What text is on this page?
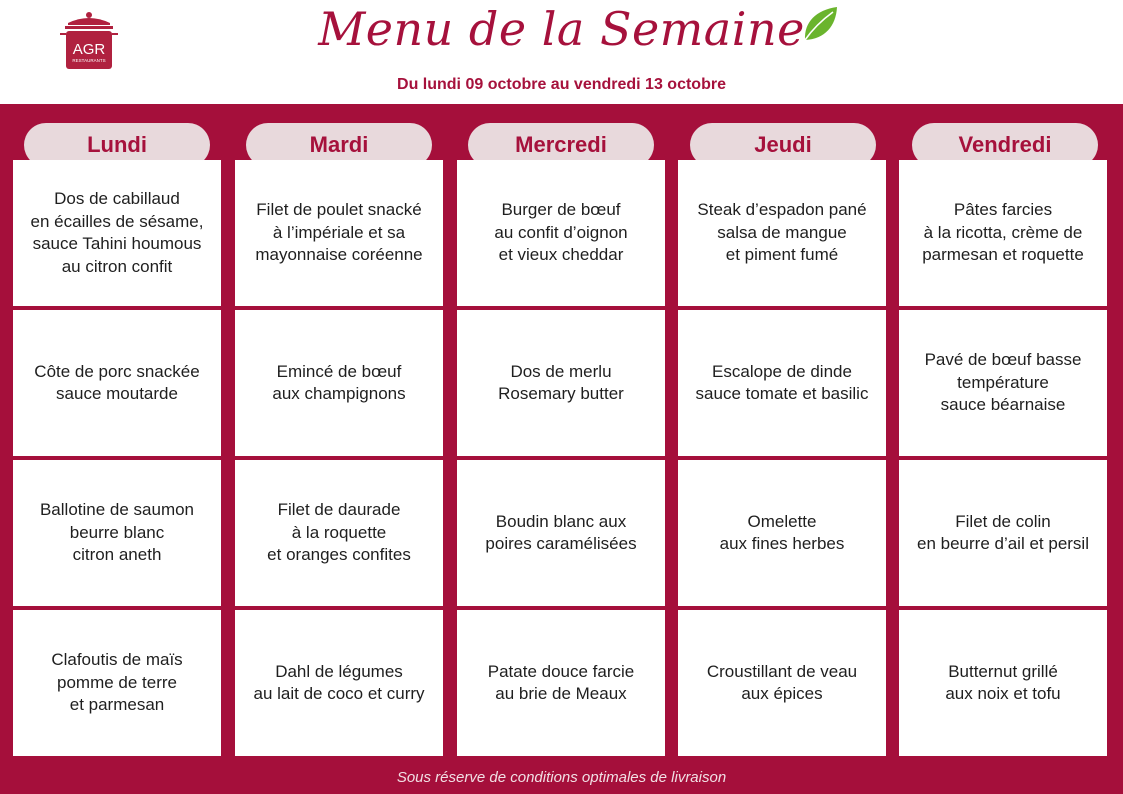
AGR
RESTAURANTS
Menu de la Semaine
Du lundi 09 octobre au vendredi 13 octobre
Lundi
Dos de cabillaud
en écailles de sésame,
sauce Tahini houmous
au citron confit
Côte de porc snackée
sauce moutarde
Ballotine de saumon
beurre blanc
citron aneth
Clafoutis de maïs
pomme de terre
et parmesan
Mardi
Filet de poulet snacké
à l’impériale et sa
mayonnaise coréenne
Emincé de bœuf
aux champignons
Filet de daurade
à la roquette
et oranges confites
Dahl de légumes
au lait de coco et curry
Mercredi
Burger de bœuf
au confit d’oignon
et vieux cheddar
Dos de merlu
Rosemary butter
Boudin blanc aux
poires caramélisées
Patate douce farcie
au brie de Meaux
Jeudi
Steak d’espadon pané
salsa de mangue
et piment fumé
Escalope de dinde
sauce tomate et basilic
Omelette
aux fines herbes
Croustillant de veau
aux épices
Vendredi
Pâtes farcies
à la ricotta, crème de
parmesan et roquette
Pavé de bœuf basse
température
sauce béarnaise
Filet de colin
en beurre d’ail et persil
Butternut grillé
aux noix et tofu
Sous réserve de conditions optimales de livraison
